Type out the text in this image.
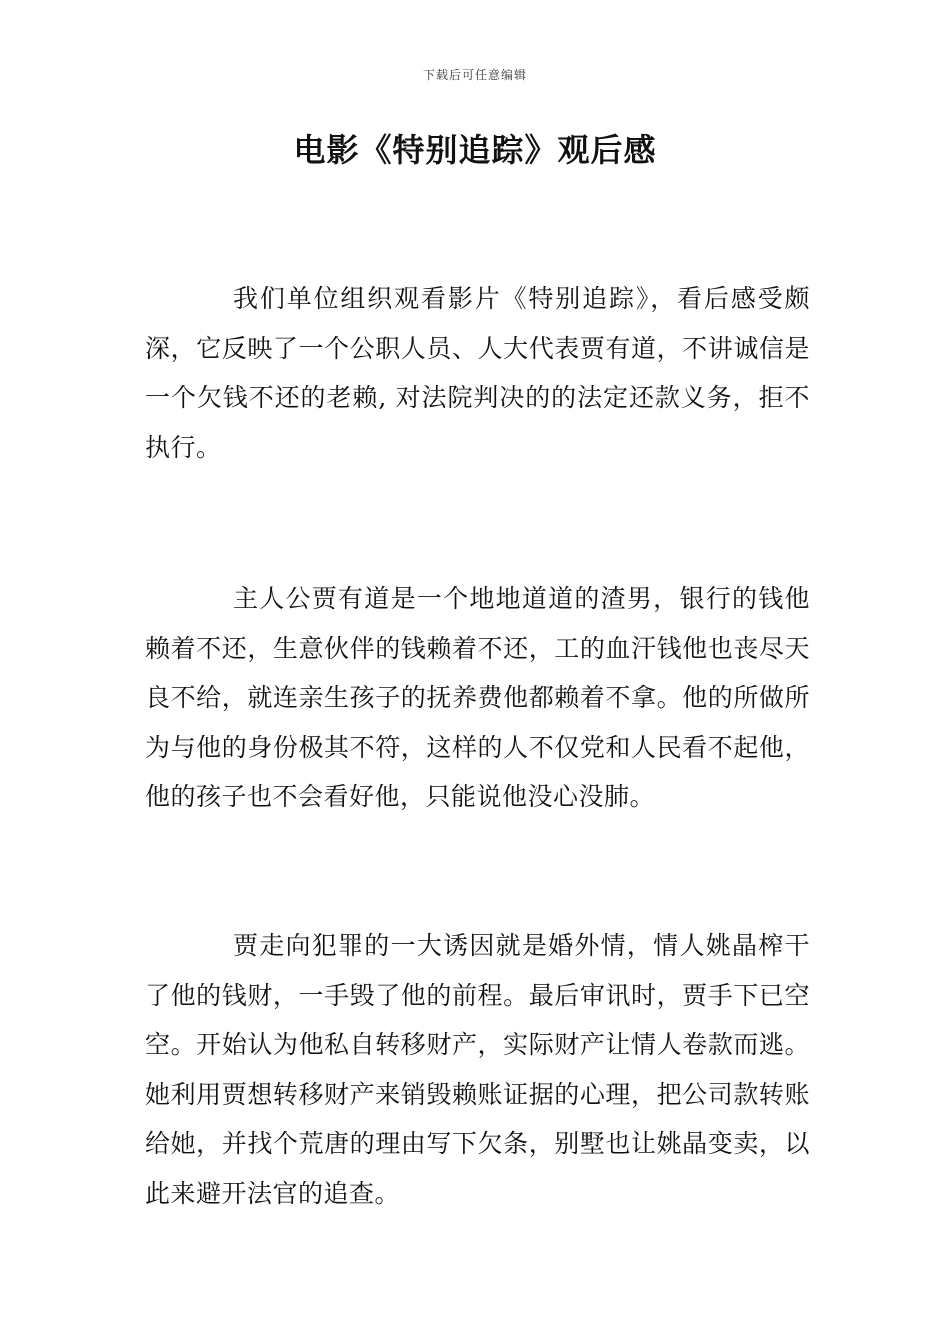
下载后可任意编辑
电影《特别追踪》观后感

我们单位组织观看影片《特别追踪》，看后感受颇深，它反映了一个公职人员、人大代表贾有道，不讲诚信是一个欠钱不还的老赖, 对法院判决的的法定还款义务，拒不执行。

主人公贾有道是一个地地道道的渣男，银行的钱他赖着不还，生意伙伴的钱赖着不还，工的血汗钱他也丧尽天良不给，就连亲生孩子的抚养费他都赖着不拿。他的所做所为与他的身份极其不符，这样的人不仅党和人民看不起他，他的孩子也不会看好他，只能说他没心没肺。

贾走向犯罪的一大诱因就是婚外情，情人姚晶榨干了他的钱财，一手毁了他的前程。最后审讯时，贾手下已空空。开始认为他私自转移财产，实际财产让情人卷款而逃。她利用贾想转移财产来销毁赖账证据的心理，把公司款转账给她，并找个荒唐的理由写下欠条，别墅也让姚晶变卖，以此来避开法官的追查。
